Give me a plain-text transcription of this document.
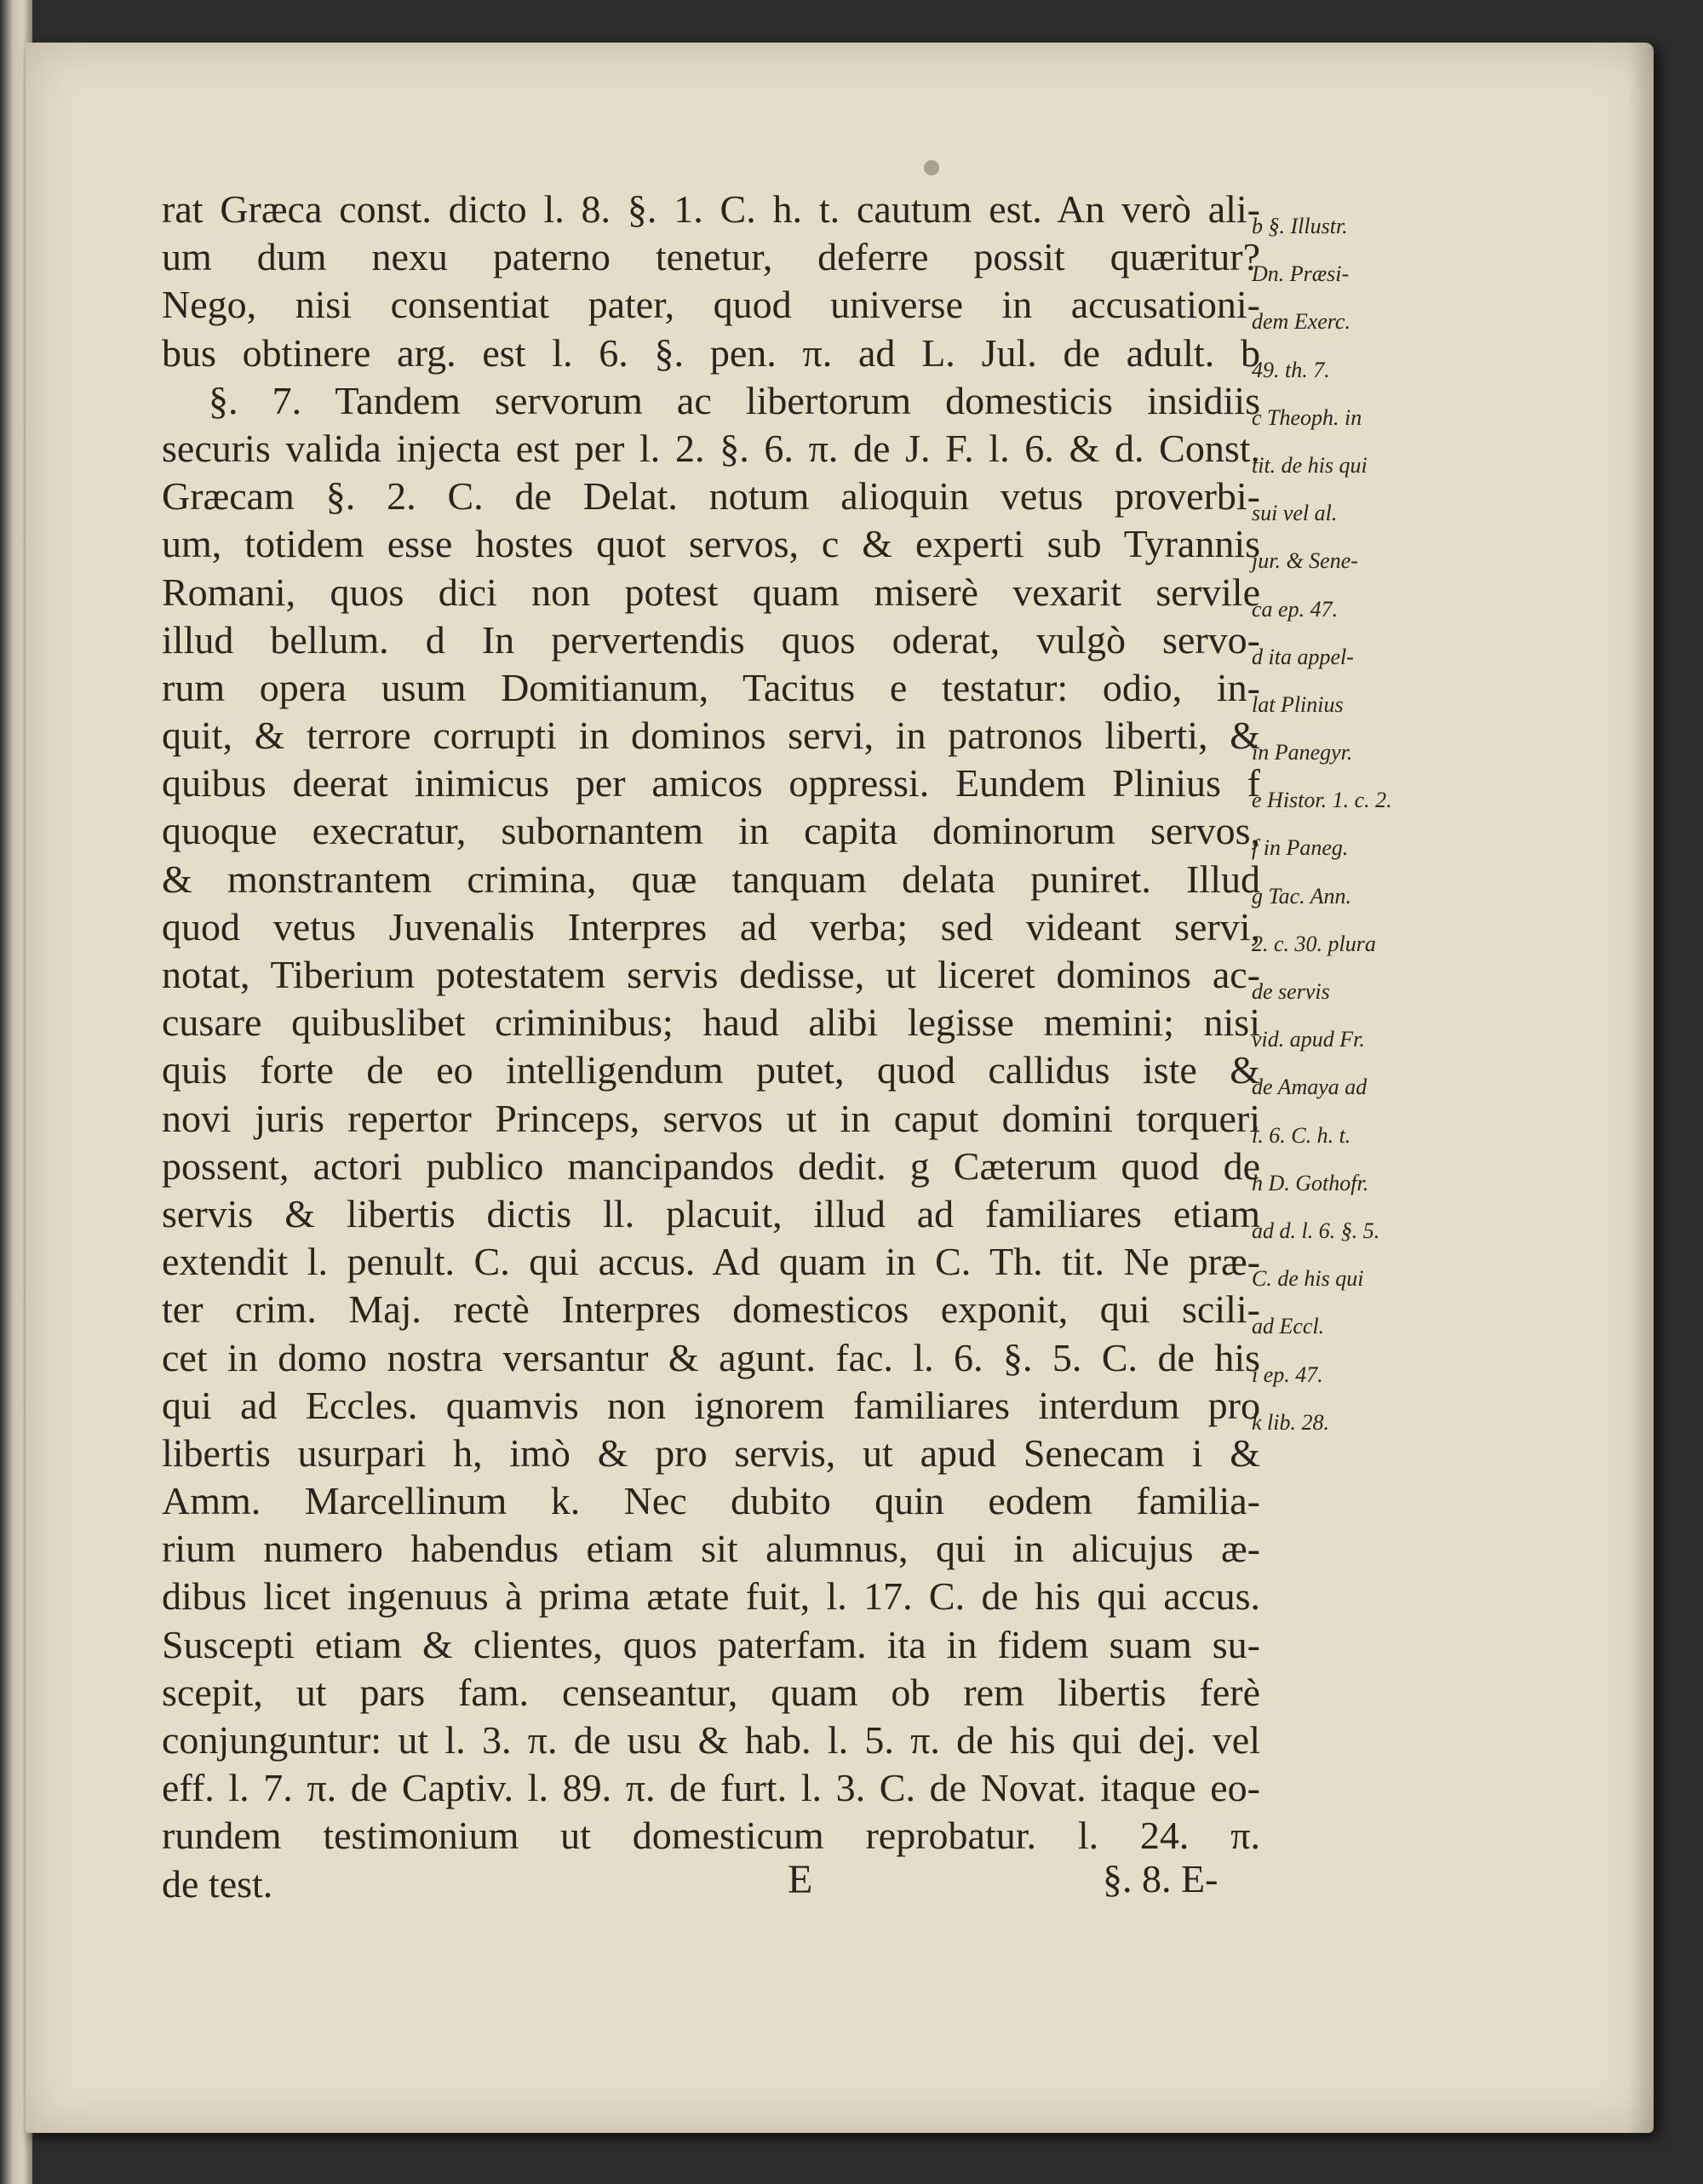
rat Græca const. dicto l. 8. §. 1. C. h. t. cautum est. An verò ali-
um dum nexu paterno tenetur, deferre possit quæritur?
Nego, nisi consentiat pater, quod universe in accusationi-
bus obtinere arg. est l. 6. §. pen. π. ad L. Jul. de adult. b
§. 7. Tandem servorum ac libertorum domesticis insidiis
securis valida injecta est per l. 2. §. 6. π. de J. F. l. 6. & d. Const.
Græcam §. 2. C. de Delat. notum alioquin vetus proverbi-
um, totidem esse hostes quot servos, c & experti sub Tyrannis
Romani, quos dici non potest quam miserè vexarit servile
illud bellum. d In pervertendis quos oderat, vulgò servo-
rum opera usum Domitianum, Tacitus e testatur: odio, in-
quit, & terrore corrupti in dominos servi, in patronos liberti, &
quibus deerat inimicus per amicos oppressi. Eundem Plinius f
quoque execratur, subornantem in capita dominorum servos,
& monstrantem crimina, quæ tanquam delata puniret. Illud
quod vetus Juvenalis Interpres ad verba; sed videant servi,
notat, Tiberium potestatem servis dedisse, ut liceret dominos ac-
cusare quibuslibet criminibus; haud alibi legisse memini; nisi
quis forte de eo intelligendum putet, quod callidus iste &
novi juris repertor Princeps, servos ut in caput domini torqueri
possent, actori publico mancipandos dedit. g Cæterum quod de
servis & libertis dictis ll. placuit, illud ad familiares etiam
extendit l. penult. C. qui accus. Ad quam in C. Th. tit. Ne præ-
ter crim. Maj. rectè Interpres domesticos exponit, qui scili-
cet in domo nostra versantur & agunt. fac. l. 6. §. 5. C. de his
qui ad Eccles. quamvis non ignorem familiares interdum pro
libertis usurpari h, imò & pro servis, ut apud Senecam i &
Amm. Marcellinum k. Nec dubito quin eodem familia-
rium numero habendus etiam sit alumnus, qui in alicujus æ-
dibus licet ingenuus à prima ætate fuit, l. 17. C. de his qui accus.
Suscepti etiam & clientes, quos paterfam. ita in fidem suam su-
scepit, ut pars fam. censeantur, quam ob rem libertis ferè
conjunguntur: ut l. 3. π. de usu & hab. l. 5. π. de his qui dej. vel
eff. l. 7. π. de Captiv. l. 89. π. de furt. l. 3. C. de Novat. itaque eo-
rundem testimonium ut domesticum reprobatur. l. 24. π.
de test.
b §. Illustr.
Dn. Præsi-
dem Exerc.
49. th. 7.
c Theoph. in
tit. de his qui
sui vel al.
jur. & Sene-
ca ep. 47.
d ita appel-
lat Plinius
in Panegyr.
e Histor. 1. c. 2.
f in Paneg.
g Tac. Ann.
2. c. 30. plura
de servis
vid. apud Fr.
de Amaya ad
l. 6. C. h. t.
h D. Gothofr.
ad d. l. 6. §. 5.
C. de his qui
ad Eccl.
i ep. 47.
k lib. 28.
E	§. 8. E-
